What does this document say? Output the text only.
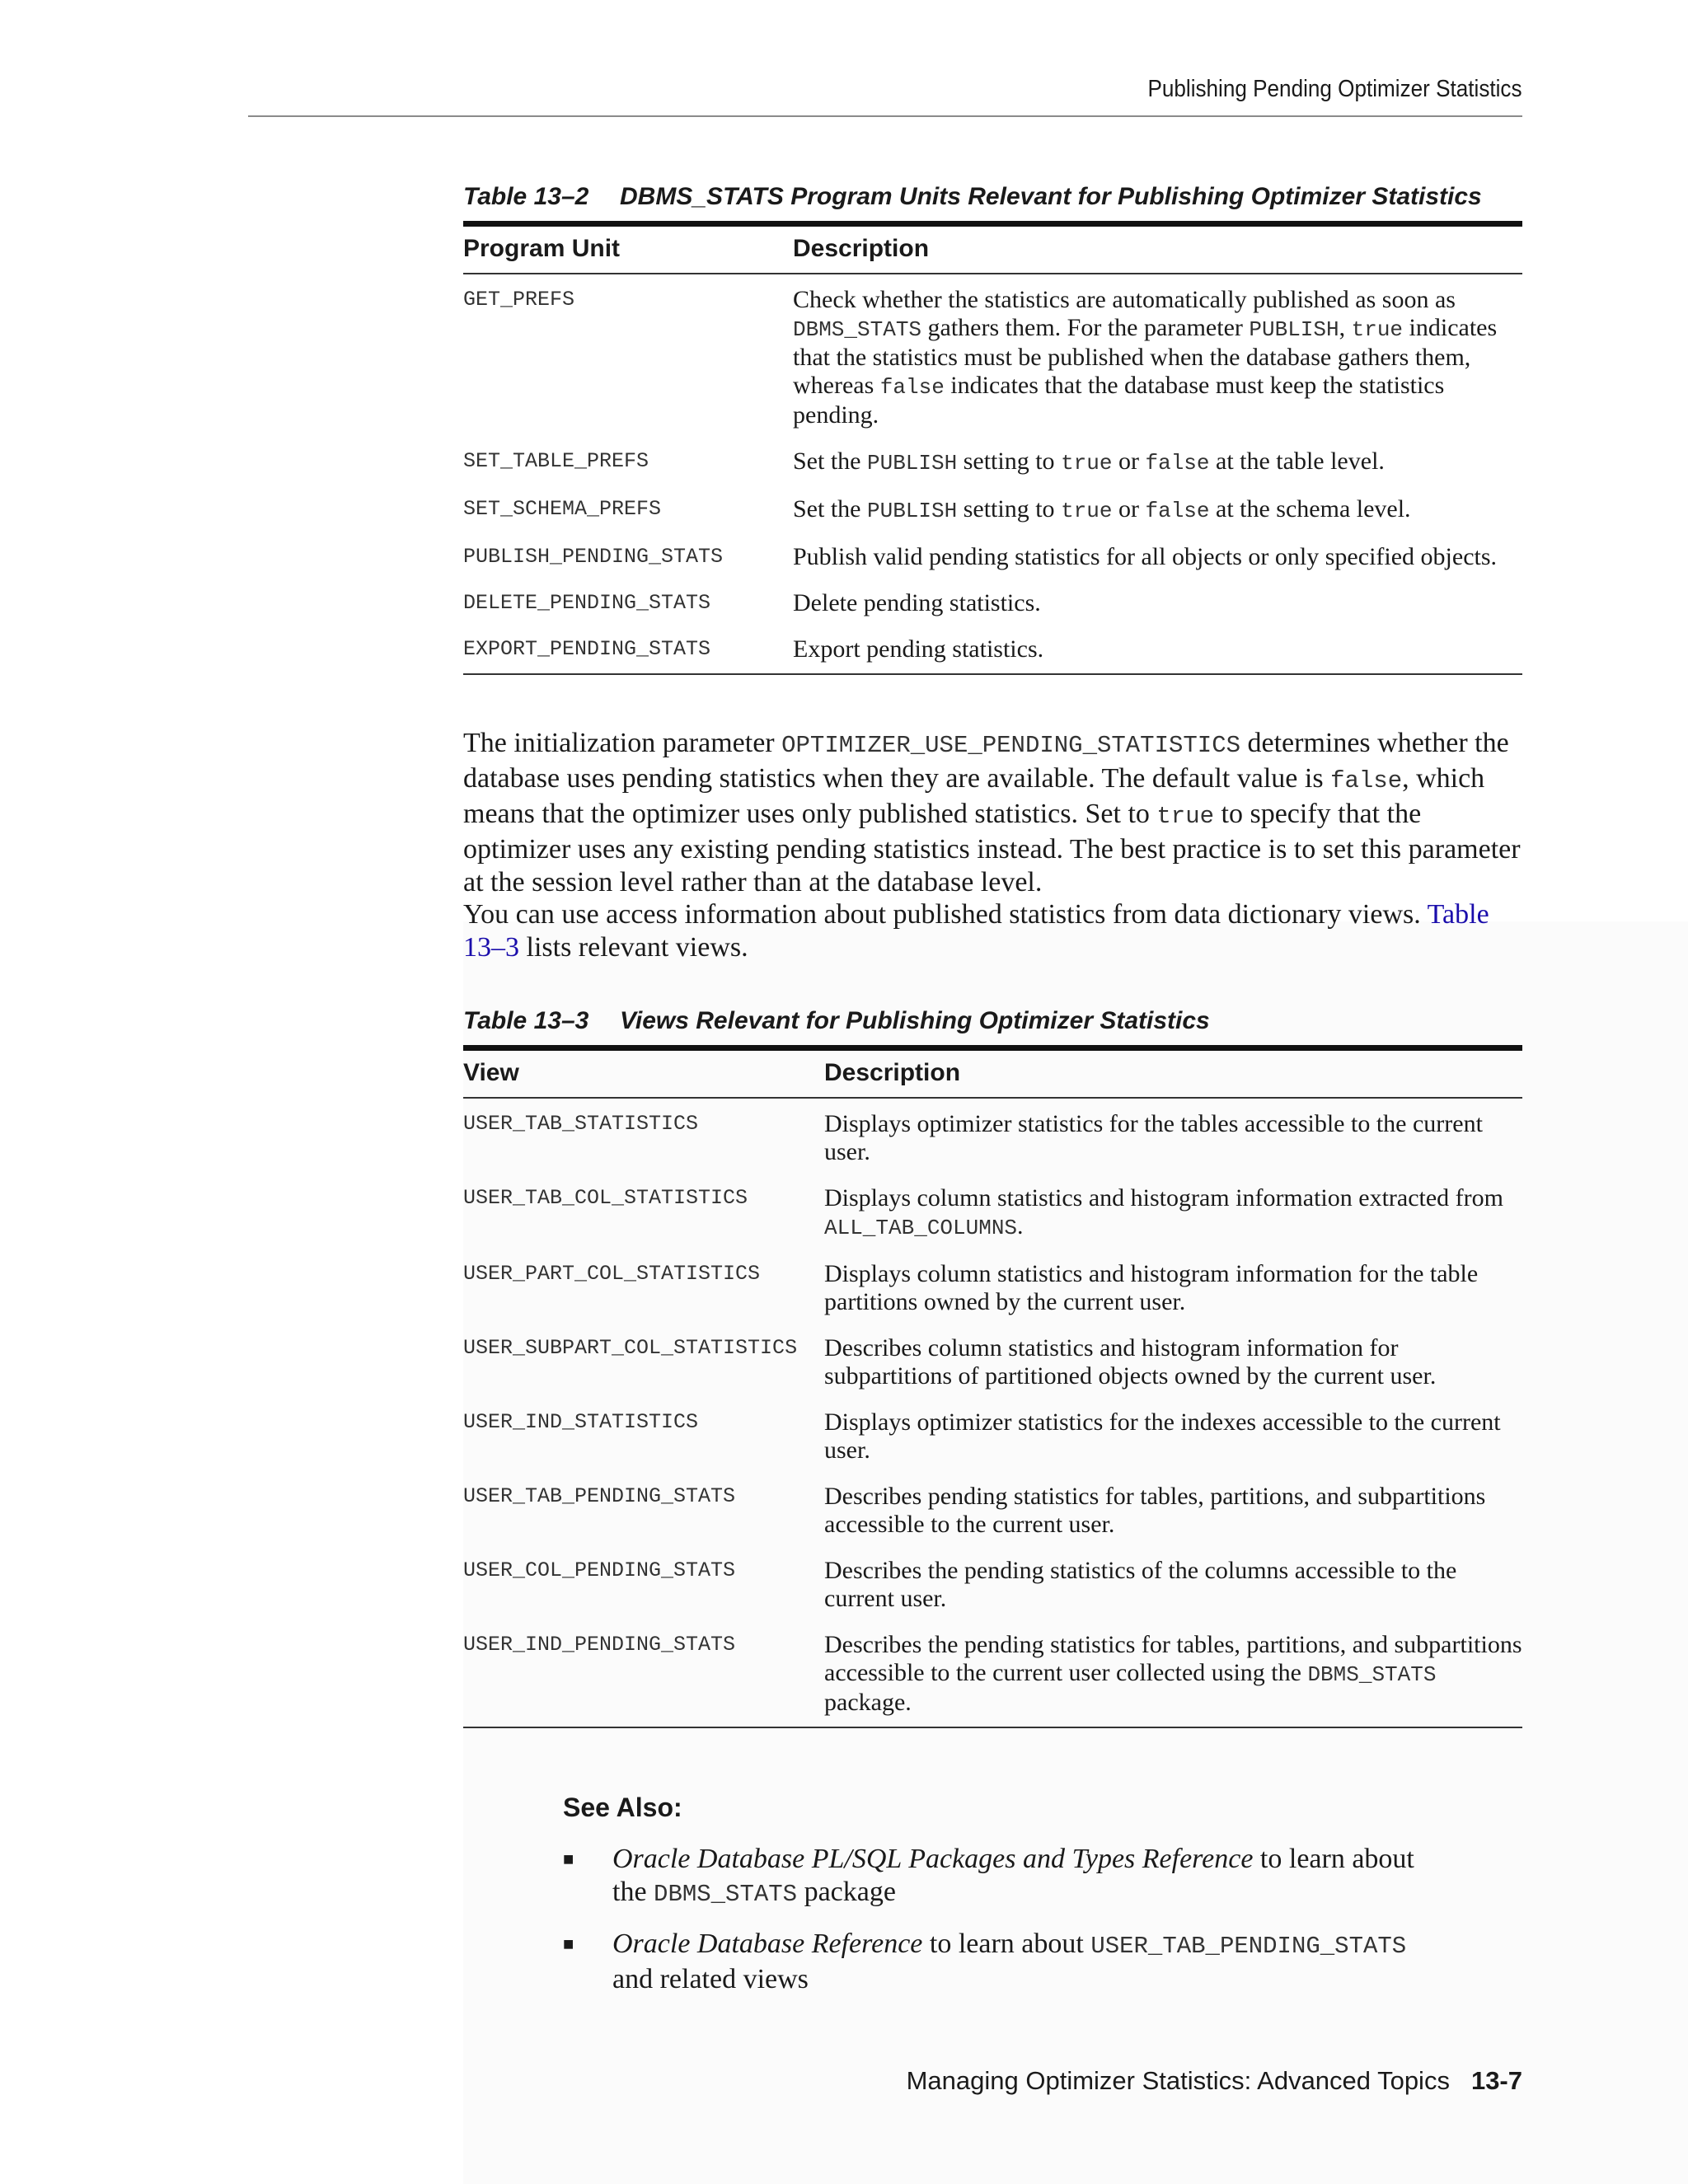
Publishing Pending Optimizer Statistics
Table 13–2 DBMS_STATS Program Units Relevant for Publishing Optimizer Statistics
Program Unit	Description
GET_PREFS	Check whether the statistics are automatically published as soon as DBMS_STATS gathers them. For the parameter PUBLISH, true indicates that the statistics must be published when the database gathers them, whereas false indicates that the database must keep the statistics pending.
SET_TABLE_PREFS	Set the PUBLISH setting to true or false at the table level.
SET_SCHEMA_PREFS	Set the PUBLISH setting to true or false at the schema level.
PUBLISH_PENDING_STATS	Publish valid pending statistics for all objects or only specified objects.
DELETE_PENDING_STATS	Delete pending statistics.
EXPORT_PENDING_STATS	Export pending statistics.
The initialization parameter OPTIMIZER_USE_PENDING_STATISTICS determines whether the database uses pending statistics when they are available. The default value is false, which means that the optimizer uses only published statistics. Set to true to specify that the optimizer uses any existing pending statistics instead. The best practice is to set this parameter at the session level rather than at the database level.
You can use access information about published statistics from data dictionary views. Table 13–3 lists relevant views.
Table 13–3 Views Relevant for Publishing Optimizer Statistics
View	Description
USER_TAB_STATISTICS	Displays optimizer statistics for the tables accessible to the current user.
USER_TAB_COL_STATISTICS	Displays column statistics and histogram information extracted from ALL_TAB_COLUMNS.
USER_PART_COL_STATISTICS	Displays column statistics and histogram information for the table partitions owned by the current user.
USER_SUBPART_COL_STATISTICS	Describes column statistics and histogram information for subpartitions of partitioned objects owned by the current user.
USER_IND_STATISTICS	Displays optimizer statistics for the indexes accessible to the current user.
USER_TAB_PENDING_STATS	Describes pending statistics for tables, partitions, and subpartitions accessible to the current user.
USER_COL_PENDING_STATS	Describes the pending statistics of the columns accessible to the current user.
USER_IND_PENDING_STATS	Describes the pending statistics for tables, partitions, and subpartitions accessible to the current user collected using the DBMS_STATS package.
See Also:
■ Oracle Database PL/SQL Packages and Types Reference to learn about the DBMS_STATS package
■ Oracle Database Reference to learn about USER_TAB_PENDING_STATS and related views
Managing Optimizer Statistics: Advanced Topics 13-7
